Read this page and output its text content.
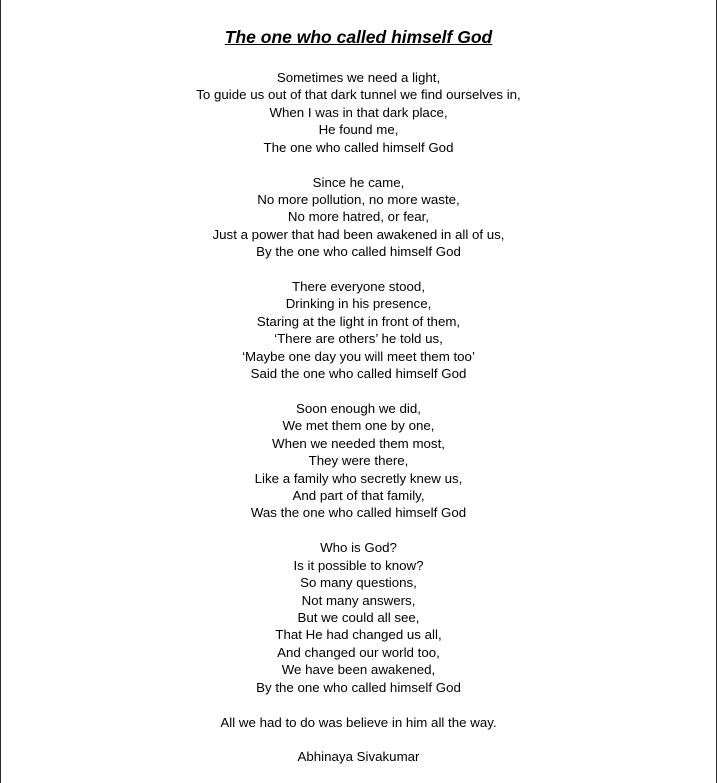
The one who called himself God
Sometimes we need a light,
To guide us out of that dark tunnel we find ourselves in,
When I was in that dark place,
He found me,
The one who called himself God
Since he came,
No more pollution, no more waste,
No more hatred, or fear,
Just a power that had been awakened in all of us,
By the one who called himself God
There everyone stood,
Drinking in his presence,
Staring at the light in front of them,
‘There are others’ he told us,
‘Maybe one day you will meet them too’
Said the one who called himself God
Soon enough we did,
We met them one by one,
When we needed them most,
They were there,
Like a family who secretly knew us,
And part of that family,
Was the one who called himself God
Who is God?
Is it possible to know?
So many questions,
Not many answers,
But we could all see,
That He had changed us all,
And changed our world too,
We have been awakened,
By the one who called himself God
All we had to do was believe in him all the way.
Abhinaya Sivakumar
